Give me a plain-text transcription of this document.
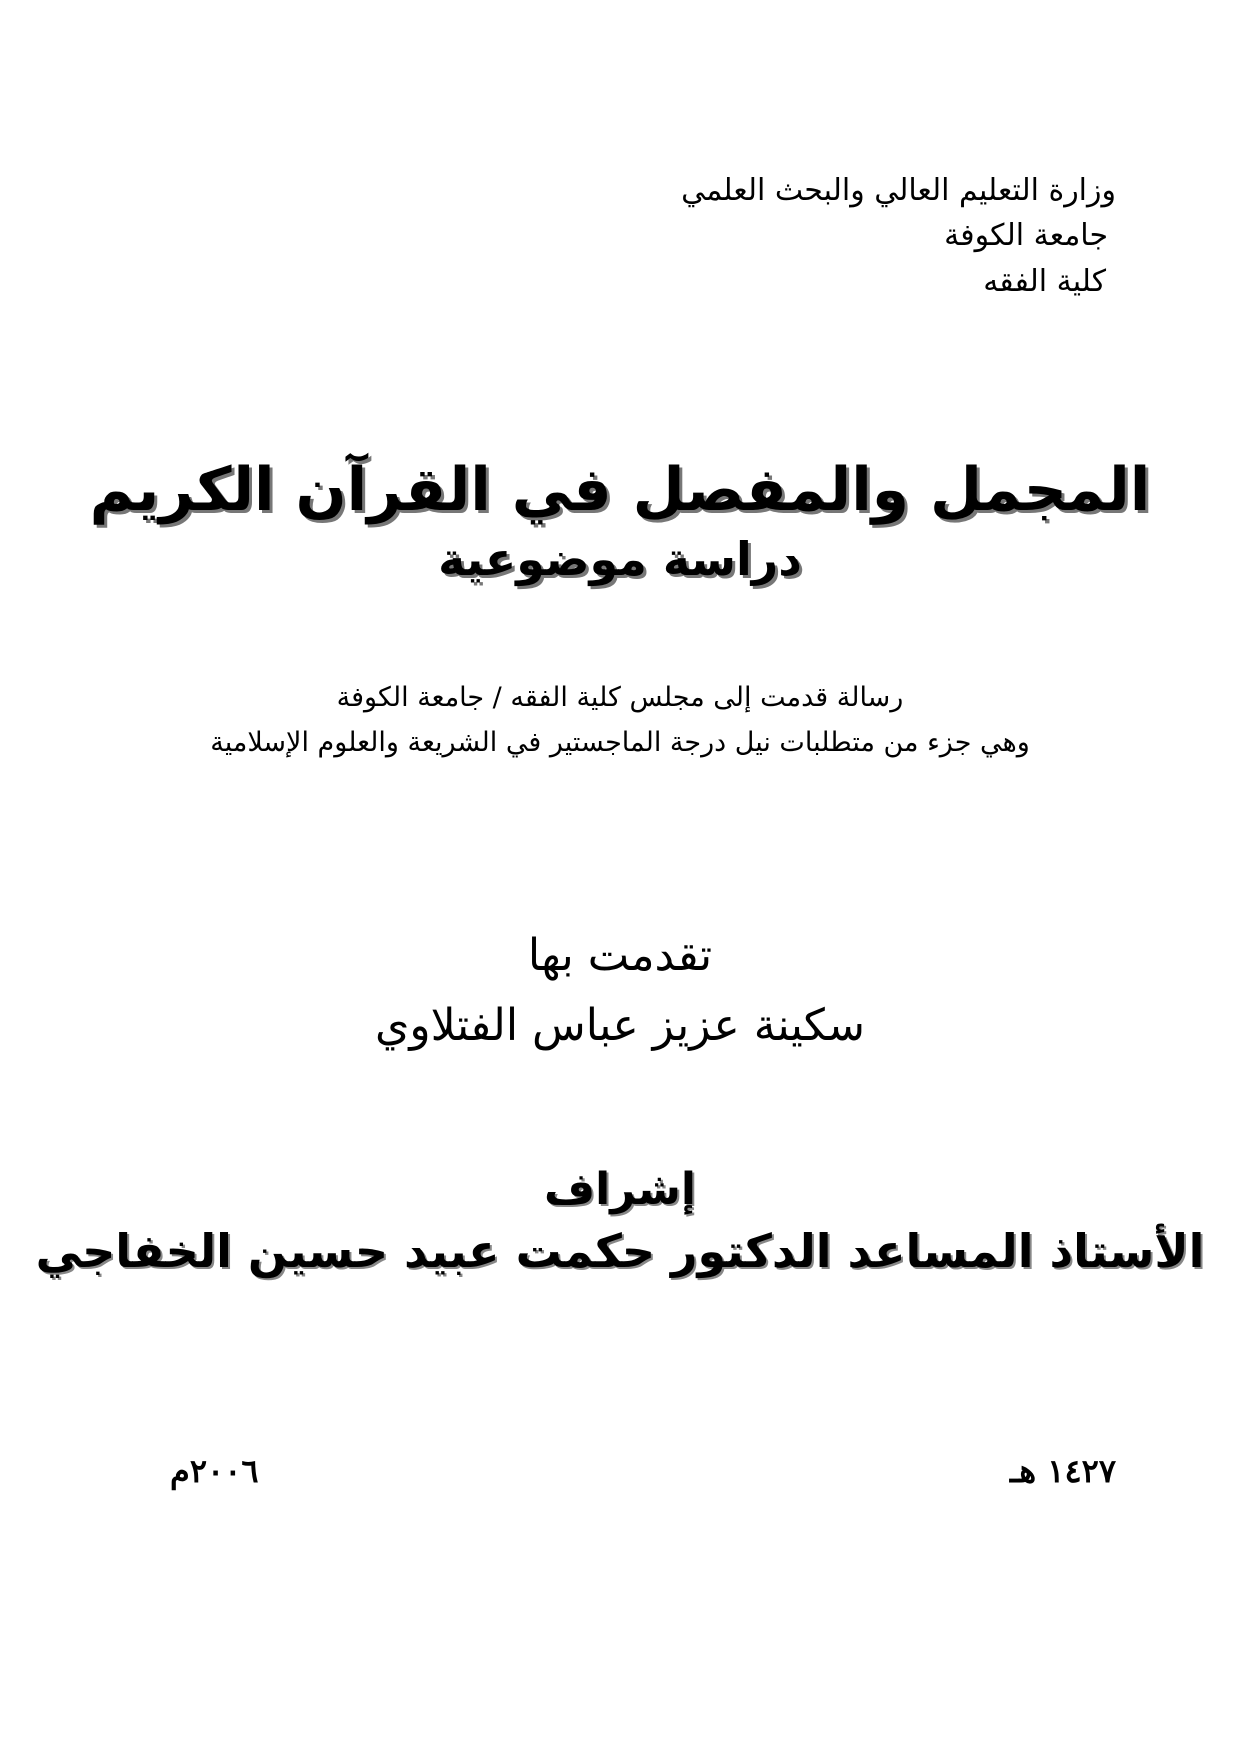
وزارة التعليم العالي والبحث العلمي
جامعة الكوفة
كلية الفقه
المجمل والمفصل في القرآن الكريم
دراسة موضوعية
رسالة قدمت إلى مجلس كلية الفقه / جامعة الكوفة
وهي جزء من متطلبات نيل درجة الماجستير في الشريعة والعلوم الإسلامية
تقدمت بها
سكينة عزيز عباس الفتلاوي
إشراف
الأستاذ المساعد الدكتور حكمت عبيد حسين الخفاجي
١٤٢٧ هـ
٢٠٠٦م
